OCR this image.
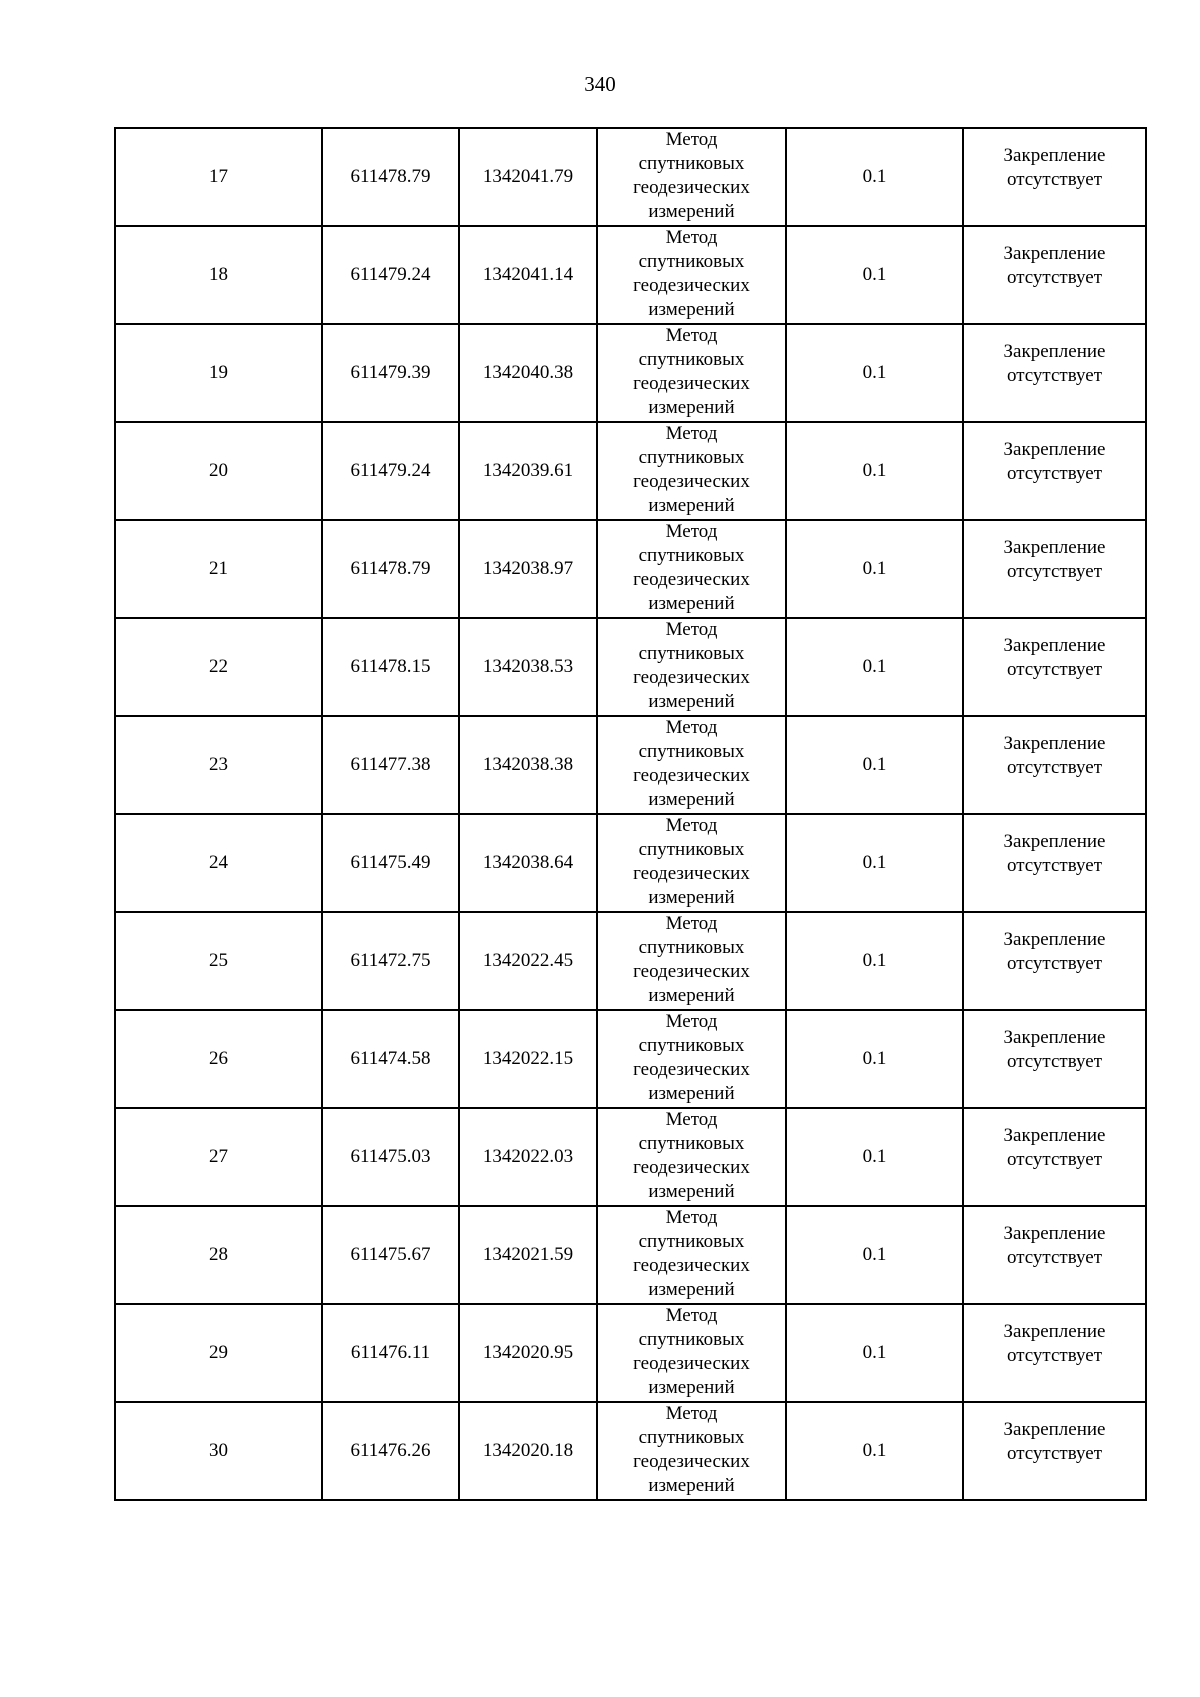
340
17	611478.79	1342041.79	Метод
спутниковых
геодезических
измерений	0.1	Закрепление
отсутствует

18	611479.24	1342041.14	Метод
спутниковых
геодезических
измерений	0.1	Закрепление
отсутствует

19	611479.39	1342040.38	Метод
спутниковых
геодезических
измерений	0.1	Закрепление
отсутствует

20	611479.24	1342039.61	Метод
спутниковых
геодезических
измерений	0.1	Закрепление
отсутствует

21	611478.79	1342038.97	Метод
спутниковых
геодезических
измерений	0.1	Закрепление
отсутствует

22	611478.15	1342038.53	Метод
спутниковых
геодезических
измерений	0.1	Закрепление
отсутствует

23	611477.38	1342038.38	Метод
спутниковых
геодезических
измерений	0.1	Закрепление
отсутствует

24	611475.49	1342038.64	Метод
спутниковых
геодезических
измерений	0.1	Закрепление
отсутствует

25	611472.75	1342022.45	Метод
спутниковых
геодезических
измерений	0.1	Закрепление
отсутствует

26	611474.58	1342022.15	Метод
спутниковых
геодезических
измерений	0.1	Закрепление
отсутствует

27	611475.03	1342022.03	Метод
спутниковых
геодезических
измерений	0.1	Закрепление
отсутствует

28	611475.67	1342021.59	Метод
спутниковых
геодезических
измерений	0.1	Закрепление
отсутствует

29	611476.11	1342020.95	Метод
спутниковых
геодезических
измерений	0.1	Закрепление
отсутствует

30	611476.26	1342020.18	Метод
спутниковых
геодезических
измерений	0.1	Закрепление
отсутствует
